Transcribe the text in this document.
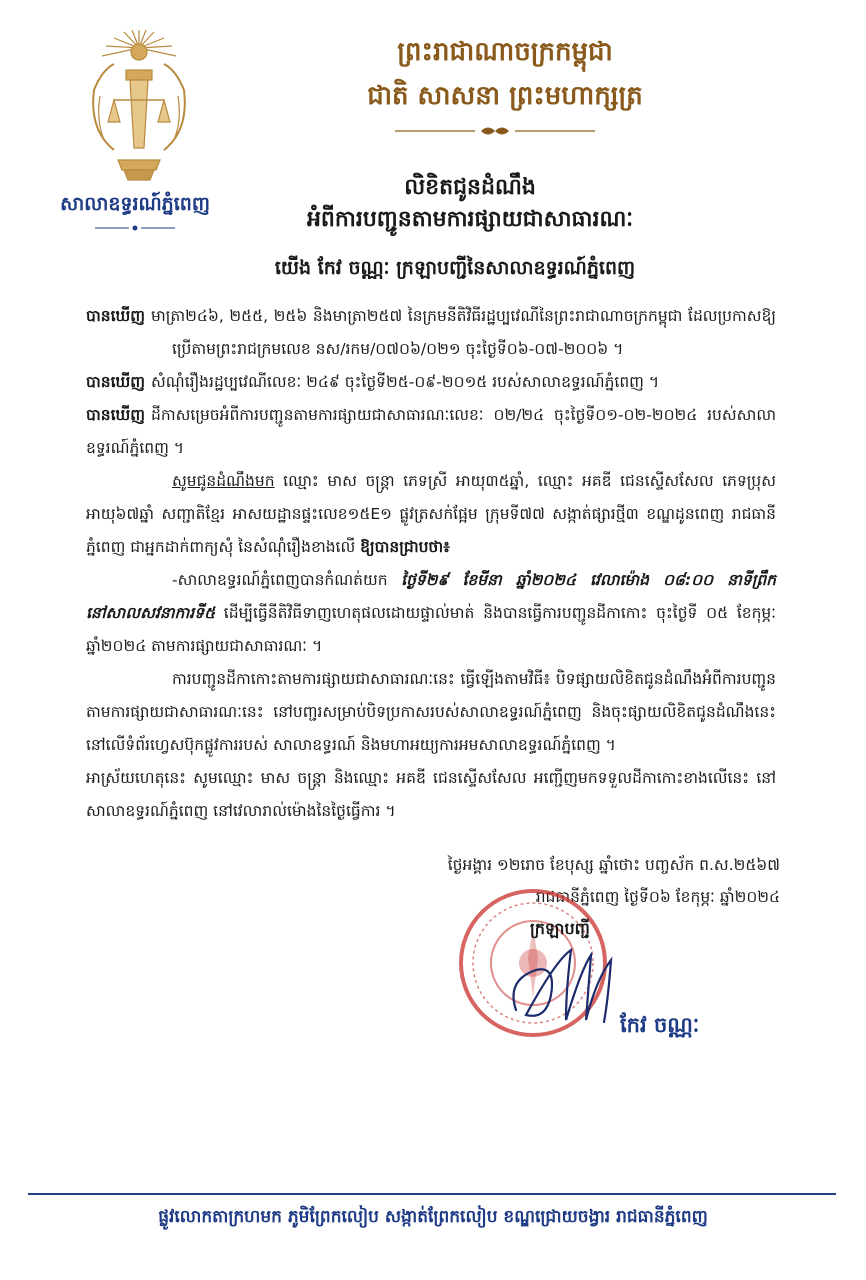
សាលាឧទ្ធរណ៍ភ្នំពេញ
ព្រះរាជាណាចក្រកម្ពុជា
ជាតិ សាសនា ព្រះមហាក្សត្រ
លិខិតជូនដំណឹង
អំពីការបញ្ជូនតាមការផ្សាយជាសាធារណៈ
យើង កែវ ចណ្ណៈ ក្រឡាបញ្ជីនៃសាលាឧទ្ធរណ៍ភ្នំពេញ

បានឃើញ មាត្រា២៤៦, ២៥៥, ២៥៦ និងមាត្រា២៥៧ នៃក្រមនីតិវិធីរដ្ឋប្បវេណីនៃព្រះរាជាណាចក្រកម្ពុជា ដែលប្រកាសឱ្យប្រើតាមព្រះរាជក្រមលេខ នស/រកម/០៧០៦/០២១ ចុះថ្ងៃទី០៦-០៧-២០០៦ ។

បានឃើញ សំណុំរឿងរដ្ឋប្បវេណីលេខៈ ២៤៩ ចុះថ្ងៃទី២៥-០៩-២០១៥ របស់សាលាឧទ្ធរណ៍ភ្នំពេញ ។

បានឃើញ ដីកាសម្រេចអំពីការបញ្ជូនតាមការផ្សាយជាសាធារណៈលេខៈ ០២/២៤ ចុះថ្ងៃទី០១-០២-២០២៤ របស់សាលាឧទ្ធរណ៍ភ្នំពេញ ។

សូមជូនដំណឹងមក ឈ្មោះ មាស ចន្ត្រា ភេទស្រី អាយុ៣៥ឆ្នាំ, ឈ្មោះ អគឌី ជេនស្ទើសសែល ភេទប្រុស អាយុ៦៧ឆ្នាំ សញ្ជាតិខ្មែរ អាសយដ្ឋានផ្ទះលេខ១៥E១ ផ្លូវត្រសក់ផ្អែម ក្រុមទី៧៧ សង្កាត់ផ្សារថ្មី៣ ខណ្ឌដូនពេញ រាជធានីភ្នំពេញ ជាអ្នកដាក់ពាក្យសុំ នៃសំណុំរឿងខាងលើ ឱ្យបានជ្រាបថា៖

-សាលាឧទ្ធរណ៍ភ្នំពេញបានកំណត់យក ថ្ងៃទី២៩ ខែមីនា ឆ្នាំ២០២៤ វេលាម៉ោង ០៨:០០ នាទីព្រឹក នៅសាលសវនាការទី៥ ដើម្បីធ្វើនីតិវិធីទាញហេតុផលដោយផ្ទាល់មាត់ និងបានធ្វើការបញ្ជូនដីកាកោះ ចុះថ្ងៃទី ០៥ ខែកុម្ភៈ ឆ្នាំ២០២៤ តាមការផ្សាយជាសាធារណៈ ។

ការបញ្ជូនដីកាកោះតាមការផ្សាយជាសាធារណៈនេះ ធ្វើឡើងតាមវិធី៖ បិទផ្សាយលិខិតជូនដំណឹងអំពីការបញ្ជូនតាមការផ្សាយជាសាធារណៈនេះ នៅបញ្ជរសម្រាប់បិទប្រកាសរបស់សាលាឧទ្ធរណ៍ភ្នំពេញ និងចុះផ្សាយលិខិតជូនដំណឹងនេះនៅលើទំព័រហ្វេសប៊ុកផ្លូវការរបស់ សាលាឧទ្ធរណ៍ និងមហាអយ្យការអមសាលាឧទ្ធរណ៍ភ្នំពេញ ។

អាស្រ័យហេតុនេះ សូមឈ្មោះ មាស ចន្ត្រា និងឈ្មោះ អគឌី ជេនស្ទើសសែល អញ្ជើញមកទទួលដីកាកោះខាងលើនេះ នៅសាលាឧទ្ធរណ៍ភ្នំពេញ នៅវេលារាល់ម៉ោងនៃថ្ងៃធ្វើការ ។

ថ្ងៃអង្គារ ១២រោច ខែបុស្ស ឆ្នាំថោះ បញ្ចស័ក ព.ស.២៥៦៧
រាជធានីភ្នំពេញ ថ្ងៃទី០៦ ខែកុម្ភៈ ឆ្នាំ២០២៤
ក្រឡាបញ្ជី
កែវ ចណ្ណៈ
ផ្លូវលោកតាក្រហមក ភូមិព្រែកលៀប សង្កាត់ព្រែកលៀប ខណ្ឌជ្រោយចង្វារ រាជធានីភ្នំពេញ
